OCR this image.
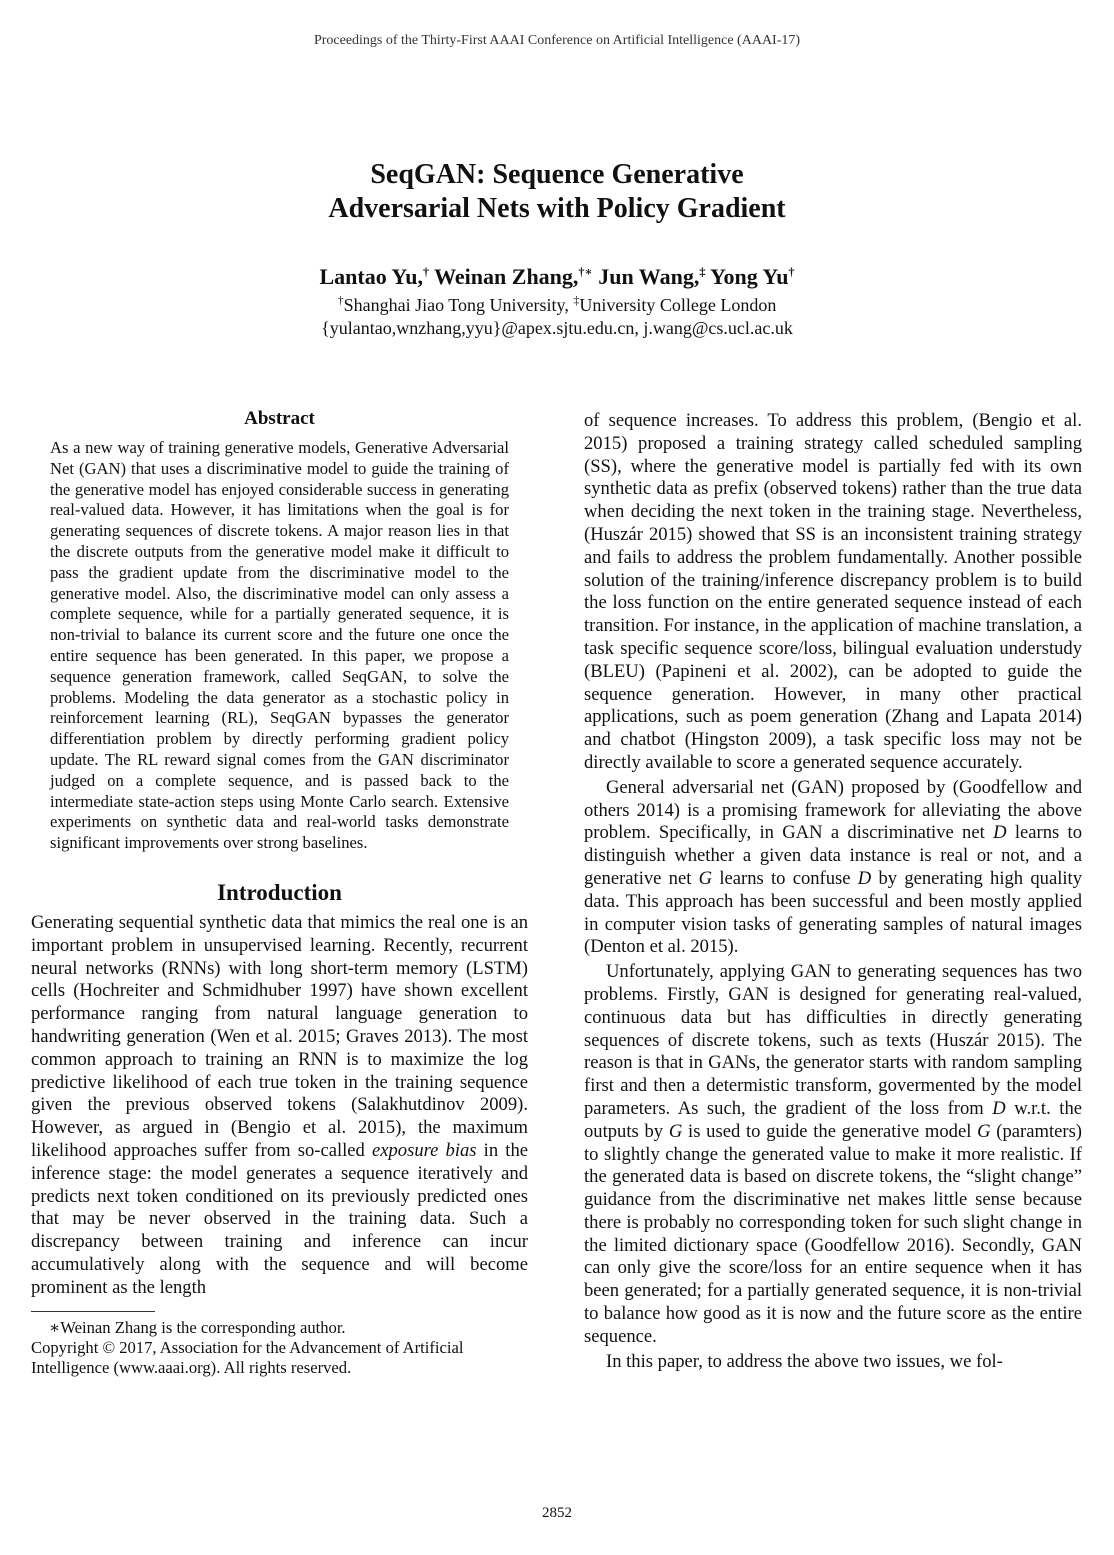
Proceedings of the Thirty-First AAAI Conference on Artificial Intelligence (AAAI-17)
SeqGAN: Sequence Generative
Adversarial Nets with Policy Gradient
Lantao Yu,† Weinan Zhang,†∗ Jun Wang,‡ Yong Yu†
†Shanghai Jiao Tong University, ‡University College London
{yulantao,wnzhang,yyu}@apex.sjtu.edu.cn, j.wang@cs.ucl.ac.uk
Abstract

As a new way of training generative models, Generative Adversarial Net (GAN) that uses a discriminative model to guide the training of the generative model has enjoyed considerable success in generating real-valued data. However, it has limitations when the goal is for generating sequences of discrete tokens. A major reason lies in that the discrete outputs from the generative model make it difficult to pass the gradient update from the discriminative model to the generative model. Also, the discriminative model can only assess a complete sequence, while for a partially generated sequence, it is non-trivial to balance its current score and the future one once the entire sequence has been generated. In this paper, we propose a sequence generation framework, called SeqGAN, to solve the problems. Modeling the data generator as a stochastic policy in reinforcement learning (RL), SeqGAN bypasses the generator differentiation problem by directly performing gradient policy update. The RL reward signal comes from the GAN discriminator judged on a complete sequence, and is passed back to the intermediate state-action steps using Monte Carlo search. Extensive experiments on synthetic data and real-world tasks demonstrate significant improvements over strong baselines.

Introduction

Generating sequential synthetic data that mimics the real one is an important problem in unsupervised learning. Recently, recurrent neural networks (RNNs) with long short-term memory (LSTM) cells (Hochreiter and Schmidhuber 1997) have shown excellent performance ranging from natural language generation to handwriting generation (Wen et al. 2015; Graves 2013). The most common approach to training an RNN is to maximize the log predictive likelihood of each true token in the training sequence given the previous observed tokens (Salakhutdinov 2009). However, as argued in (Bengio et al. 2015), the maximum likelihood approaches suffer from so-called exposure bias in the inference stage: the model generates a sequence iteratively and predicts next token conditioned on its previously predicted ones that may be never observed in the training data. Such a discrepancy between training and inference can incur accumulatively along with the sequence and will become prominent as the length

∗Weinan Zhang is the corresponding author.

Copyright © 2017, Association for the Advancement of Artificial Intelligence (www.aaai.org). All rights reserved.

of sequence increases. To address this problem, (Bengio et al. 2015) proposed a training strategy called scheduled sampling (SS), where the generative model is partially fed with its own synthetic data as prefix (observed tokens) rather than the true data when deciding the next token in the training stage. Nevertheless, (Huszár 2015) showed that SS is an inconsistent training strategy and fails to address the problem fundamentally. Another possible solution of the training/inference discrepancy problem is to build the loss function on the entire generated sequence instead of each transition. For instance, in the application of machine translation, a task specific sequence score/loss, bilingual evaluation understudy (BLEU) (Papineni et al. 2002), can be adopted to guide the sequence generation. However, in many other practical applications, such as poem generation (Zhang and Lapata 2014) and chatbot (Hingston 2009), a task specific loss may not be directly available to score a generated sequence accurately.

General adversarial net (GAN) proposed by (Goodfellow and others 2014) is a promising framework for alleviating the above problem. Specifically, in GAN a discriminative net D learns to distinguish whether a given data instance is real or not, and a generative net G learns to confuse D by generating high quality data. This approach has been successful and been mostly applied in computer vision tasks of generating samples of natural images (Denton et al. 2015).

Unfortunately, applying GAN to generating sequences has two problems. Firstly, GAN is designed for generating real-valued, continuous data but has difficulties in directly generating sequences of discrete tokens, such as texts (Huszár 2015). The reason is that in GANs, the generator starts with random sampling first and then a determistic transform, govermented by the model parameters. As such, the gradient of the loss from D w.r.t. the outputs by G is used to guide the generative model G (paramters) to slightly change the generated value to make it more realistic. If the generated data is based on discrete tokens, the “slight change” guidance from the discriminative net makes little sense because there is probably no corresponding token for such slight change in the limited dictionary space (Goodfellow 2016). Secondly, GAN can only give the score/loss for an entire sequence when it has been generated; for a partially generated sequence, it is non-trivial to balance how good as it is now and the future score as the entire sequence.

In this paper, to address the above two issues, we fol-

2852
